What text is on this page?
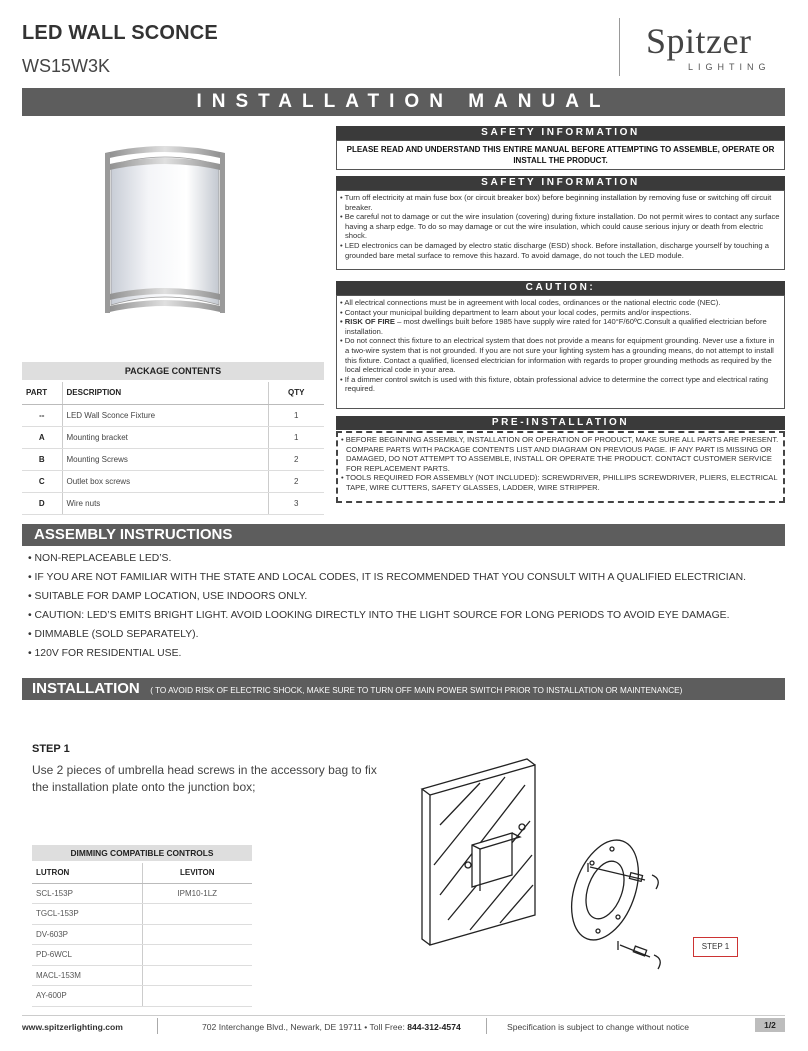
LED WALL SCONCE
WS15W3K
Spitzer
LIGHTING
INSTALLATION MANUAL
PACKAGE CONTENTS
PART	DESCRIPTION	QTY
--	LED Wall Sconce Fixture	1
A	Mounting bracket	1
B	Mounting Screws	2
C	Outlet box screws	2
D	Wire nuts	3
SAFETY INFORMATION
PLEASE READ AND UNDERSTAND THIS ENTIRE MANUAL BEFORE ATTEMPTING TO ASSEMBLE, OPERATE OR INSTALL THE PRODUCT.
SAFETY INFORMATION
• Turn off electricity at main fuse box (or circuit breaker box) before beginning installation by removing fuse or switching off circuit breaker.
• Be careful not to damage or cut the wire insulation (covering) during fixture installation. Do not permit wires to contact any surface having a sharp edge. To do so may damage or cut the wire insulation, which could cause serious injury or death from electric shock.
• LED electronics can be damaged by electro static discharge (ESD) shock. Before installation, discharge yourself by touching a grounded bare metal surface to remove this hazard. To avoid damage, do not touch the LED module.
CAUTION:
• All electrical connections must be in agreement with local codes, ordinances or the national electric code (NEC).
• Contact your municipal building department to learn about your local codes, permits and/or inspections.
• RISK OF FIRE – most dwellings built before 1985 have supply wire rated for 140°F/60ºC.Consult a qualified electrician before installation.
• Do not connect this fixture to an electrical system that does not provide a means for equipment grounding. Never use a fixture in a two-wire system that is not grounded. If you are not sure your lighting system has a grounding means, do not attempt to install this fixture. Contact a qualified, licensed electrician for information with regards to proper grounding methods as required by the local electrical code in your area.
• If a dimmer control switch is used with this fixture, obtain professional advice to determine the correct type and electrical rating required.
PRE-INSTALLATION
• BEFORE BEGINNING ASSEMBLY, INSTALLATION OR OPERATION OF PRODUCT, MAKE SURE ALL PARTS ARE PRESENT. COMPARE PARTS WITH PACKAGE CONTENTS LIST AND DIAGRAM ON PREVIOUS PAGE. IF ANY PART IS MISSING OR DAMAGED, DO NOT ATTEMPT TO ASSEMBLE, INSTALL OR OPERATE THE PRODUCT. CONTACT CUSTOMER SERVICE FOR REPLACEMENT PARTS.
• TOOLS REQUIRED FOR ASSEMBLY (NOT INCLUDED): SCREWDRIVER, PHILLIPS SCREWDRIVER, PLIERS, ELECTRICAL TAPE, WIRE CUTTERS, SAFETY GLASSES, LADDER, WIRE STRIPPER.
ASSEMBLY INSTRUCTIONS
• NON-REPLACEABLE LED’S.
• IF YOU ARE NOT FAMILIAR WITH THE STATE AND LOCAL CODES, IT IS RECOMMENDED THAT YOU CONSULT WITH A QUALIFIED ELECTRICIAN.
• SUITABLE FOR DAMP LOCATION, USE INDOORS ONLY.
• CAUTION: LED’S EMITS BRIGHT LIGHT. AVOID LOOKING DIRECTLY INTO THE LIGHT SOURCE FOR LONG PERIODS TO AVOID EYE DAMAGE.
• DIMMABLE (SOLD SEPARATELY).
• 120V FOR RESIDENTIAL USE.
INSTALLATION ( TO AVOID RISK OF ELECTRIC SHOCK, MAKE SURE TO TURN OFF MAIN POWER SWITCH PRIOR TO INSTALLATION OR MAINTENANCE)
STEP 1
Use 2 pieces of umbrella head screws in the accessory bag to fix the installation plate onto the junction box;
DIMMING COMPATIBLE CONTROLS
LUTRON	LEVITON
SCL-153P	IPM10-1LZ
TGCL-153P	
DV-603P	
PD-6WCL	
MACL-153M	
AY-600P	
STEP 1
www.spitzerlighting.com	702 Interchange Blvd., Newark, DE 19711 • Toll Free: 844-312-4574	Specification is subject to change without notice	1/2
